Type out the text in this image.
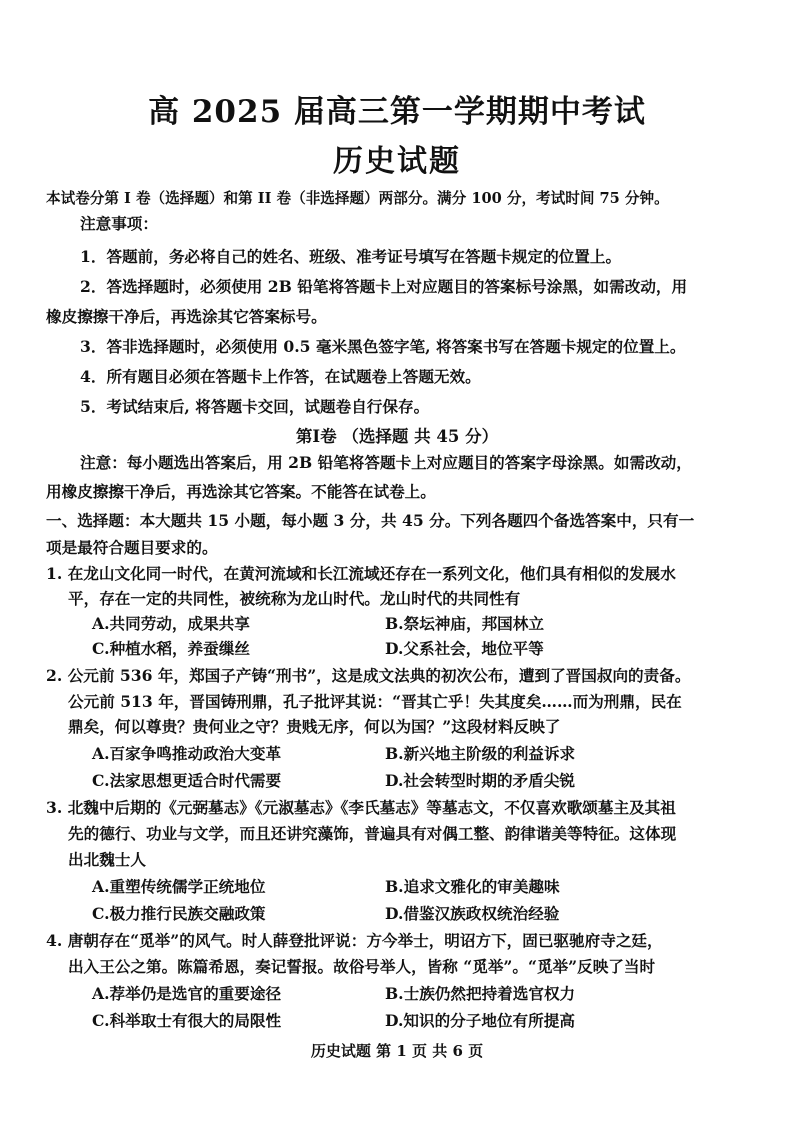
高 2025 届高三第一学期期中考试
历史试题
本试卷分第 I 卷（选择题）和第 II 卷（非选择题）两部分。满分 100 分，考试时间 75 分钟。
注意事项：
1．答题前，务必将自己的姓名、班级、准考证号填写在答题卡规定的位置上。
2．答选择题时，必须使用 2B 铅笔将答题卡上对应题目的答案标号涂黑，如需改动，用
橡皮擦擦干净后，再选涂其它答案标号。
3．答非选择题时，必须使用 0.5 毫米黑色签字笔, 将答案书写在答题卡规定的位置上。
4．所有题目必须在答题卡上作答，在试题卷上答题无效。
5．考试结束后, 将答题卡交回，试题卷自行保存。
第Ⅰ卷 （选择题 共 45 分）
注意：每小题选出答案后，用 2B 铅笔将答题卡上对应题目的答案字母涂黑。如需改动，
用橡皮擦擦干净后，再选涂其它答案。不能答在试卷上。
一、选择题：本大题共 15 小题，每小题 3 分，共 45 分。下列各题四个备选答案中，只有一
项是最符合题目要求的。
1. 在龙山文化同一时代，在黄河流域和长江流域还存在一系列文化，他们具有相似的发展水
平，存在一定的共同性，被统称为龙山时代。龙山时代的共同性有
A.共同劳动，成果共享	B.祭坛神庙，邦国林立
C.种植水稻，养蚕缫丝	D.父系社会，地位平等
2. 公元前 536 年，郑国子产铸“刑书”，这是成文法典的初次公布，遭到了晋国叔向的责备。
公元前 513 年，晋国铸刑鼎，孔子批评其说：“晋其亡乎！失其度矣……而为刑鼎，民在
鼎矣，何以尊贵？贵何业之守？贵贱无序，何以为国？”这段材料反映了
A.百家争鸣推动政治大变革	B.新兴地主阶级的利益诉求
C.法家思想更适合时代需要	D.社会转型时期的矛盾尖锐
3. 北魏中后期的《元弼墓志》《元淑墓志》《李氏墓志》等墓志文，不仅喜欢歌颂墓主及其祖
先的德行、功业与文学，而且还讲究藻饰，普遍具有对偶工整、韵律谐美等特征。这体现
出北魏士人
A.重塑传统儒学正统地位	B.追求文雅化的审美趣味
C.极力推行民族交融政策	D.借鉴汉族政权统治经验
4. 唐朝存在“觅举”的风气。时人薛登批评说：方今举士，明诏方下，固已驱驰府寺之廷，
出入王公之第。陈篇希恩，奏记誓报。故俗号举人，皆称 “觅举”。“觅举”反映了当时
A.荐举仍是选官的重要途径	B.士族仍然把持着选官权力
C.科举取士有很大的局限性	D.知识的分子地位有所提高
历史试题 第 1 页 共 6 页
